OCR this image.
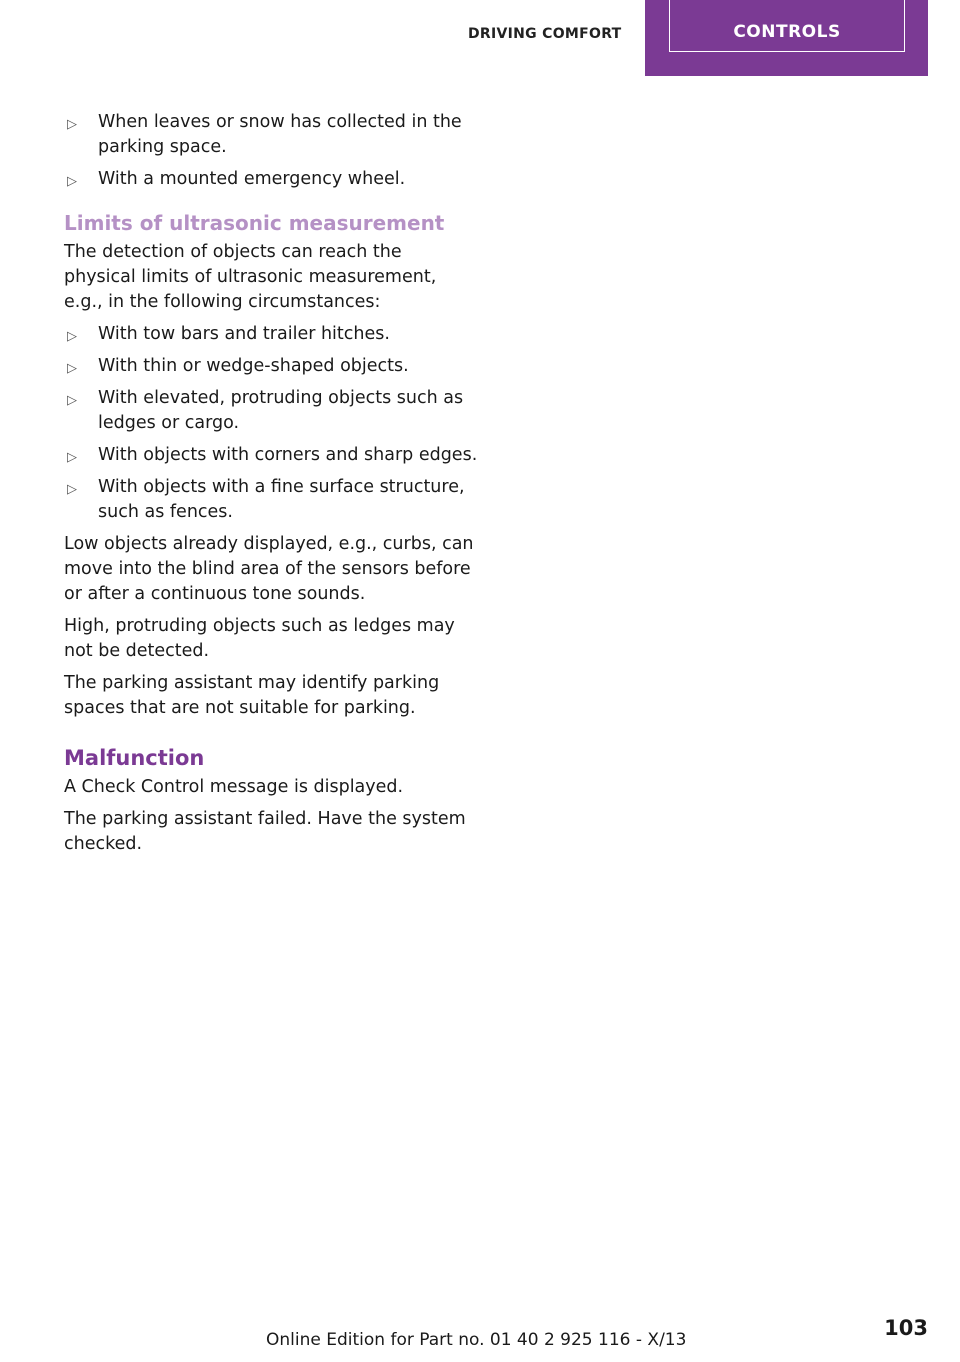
DRIVING COMFORT	CONTROLS
▷ When leaves or snow has collected in the parking space.
▷ With a mounted emergency wheel.
Limits of ultrasonic measurement

The detection of objects can reach the physical limits of ultrasonic measurement, e.g., in the following circumstances:

▷ With tow bars and trailer hitches.
▷ With thin or wedge-shaped objects.
▷ With elevated, protruding objects such as ledges or cargo.
▷ With objects with corners and sharp edges.
▷ With objects with a fine surface structure, such as fences.

Low objects already displayed, e.g., curbs, can move into the blind area of the sensors before or after a continuous tone sounds.

High, protruding objects such as ledges may not be detected.

The parking assistant may identify parking spaces that are not suitable for parking.

Malfunction

A Check Control message is displayed.

The parking assistant failed. Have the system checked.

Online Edition for Part no. 01 40 2 925 116 - X/13	103
